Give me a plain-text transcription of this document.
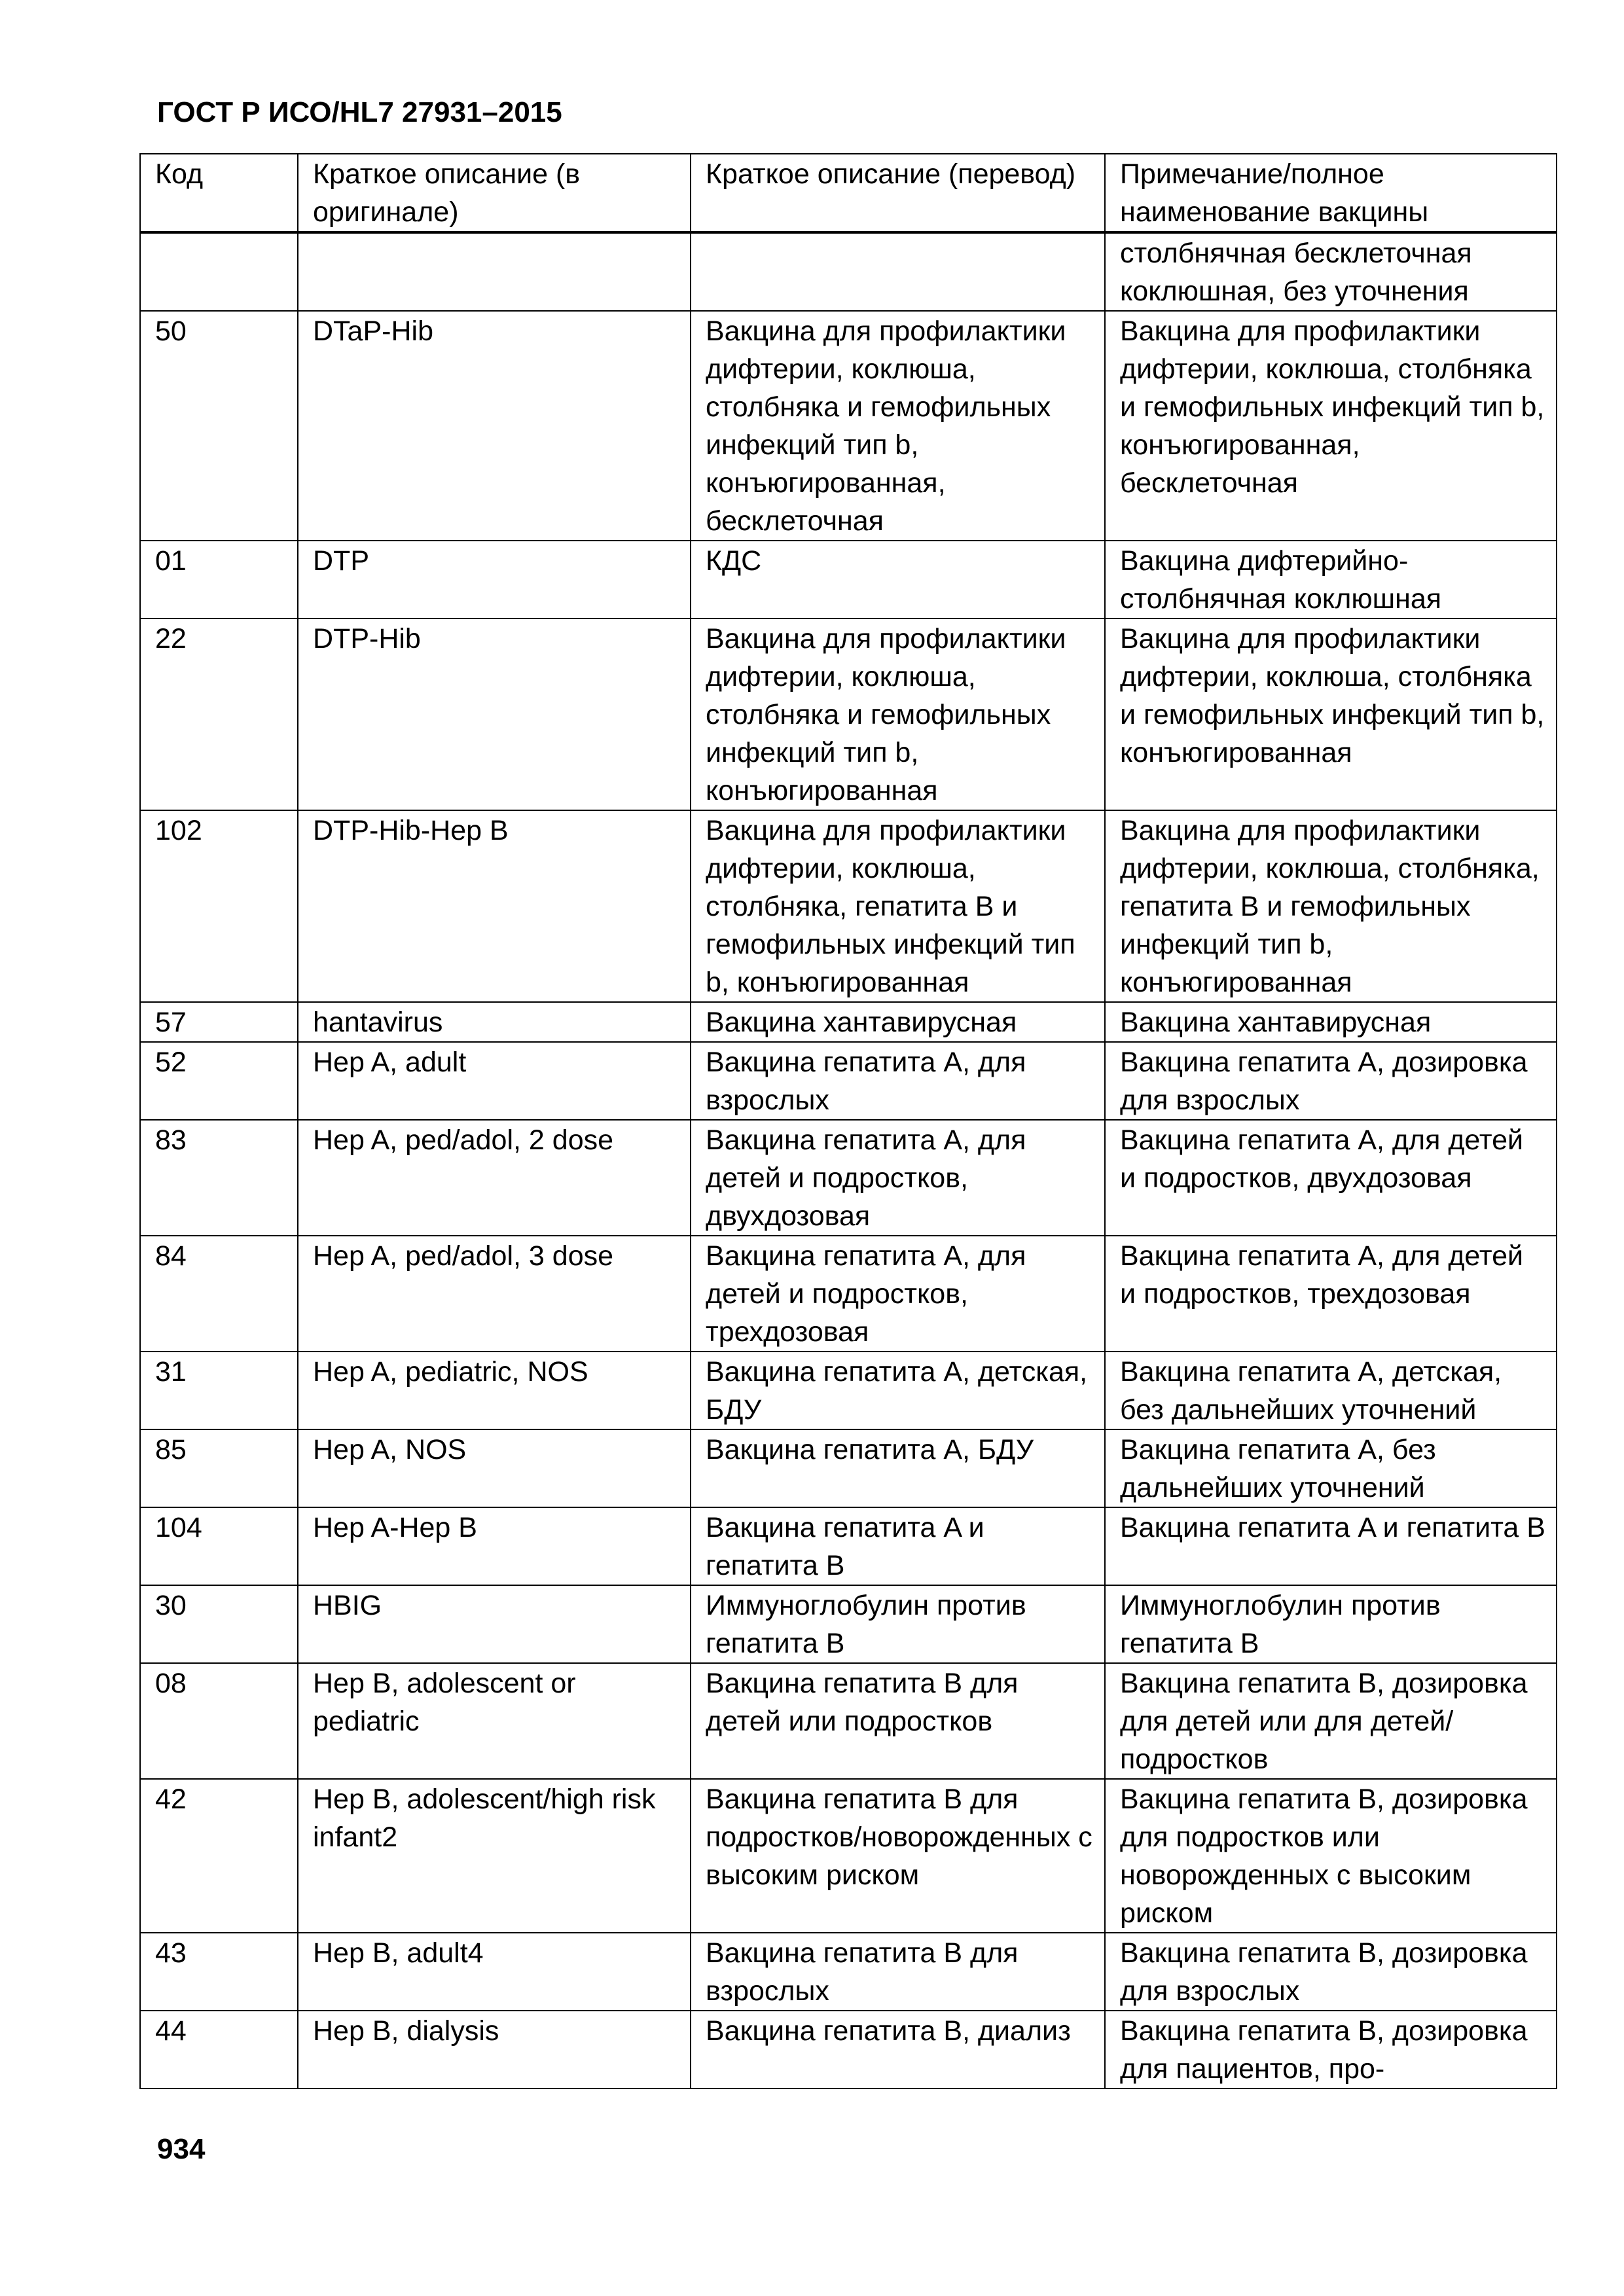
ГОСТ Р ИСО/HL7 27931–2015
Код	Краткое описание (в оригинале)	Краткое описание (перевод)	Примечание/полное наименование вакцины
			столбнячная бесклеточная коклюшная, без уточнения
50	DTaP-Hib	Вакцина для профилактики дифтерии, коклюша, столбняка и гемофильных инфекций тип b, конъюгированная, бесклеточная	Вакцина для профилактики дифтерии, коклюша, столбняка и гемофильных инфекций тип b, конъюгированная, бесклеточная
01	DTP	КДС	Вакцина дифтерийно-столбнячная коклюшная
22	DTP-Hib	Вакцина для профилактики дифтерии, коклюша, столбняка и гемофильных инфекций тип b, конъюгированная	Вакцина для профилактики дифтерии, коклюша, столбняка и гемофильных инфекций тип b, конъюгированная
102	DTP-Hib-Hep B	Вакцина для профилактики дифтерии, коклюша, столбняка, гепатита B и гемофильных инфекций тип b, конъюгированная	Вакцина для профилактики дифтерии, коклюша, столбняка, гепатита B и гемофильных инфекций тип b, конъюгированная
57	hantavirus	Вакцина хантавирусная	Вакцина хантавирусная
52	Hep A, adult	Вакцина гепатита A, для взрослых	Вакцина гепатита A, дозировка для взрослых
83	Hep A, ped/adol, 2 dose	Вакцина гепатита A, для детей и подростков, двухдозовая	Вакцина гепатита A, для детей и подростков, двухдозовая
84	Hep A, ped/adol, 3 dose	Вакцина гепатита A, для детей и подростков, трехдозовая	Вакцина гепатита A, для детей и подростков, трехдозовая
31	Hep A, pediatric, NOS	Вакцина гепатита A, детская, БДУ	Вакцина гепатита A, детская, без дальнейших уточнений
85	Hep A, NOS	Вакцина гепатита A, БДУ	Вакцина гепатита A, без дальнейших уточнений
104	Hep A-Hep B	Вакцина гепатита A и гепатита B	Вакцина гепатита A и гепатита B
30	HBIG	Иммуноглобулин против гепатита B	Иммуноглобулин против гепатита B
08	Hep B, adolescent or pediatric	Вакцина гепатита B для детей или подростков	Вакцина гепатита B, дозировка для детей или для детей/подростков
42	Hep B, adolescent/high risk infant2	Вакцина гепатита B для подростков/новорожденных с высоким риском	Вакцина гепатита B, дозировка для подростков или новорожденных с высоким риском
43	Hep B, adult4	Вакцина гепатита B для взрослых	Вакцина гепатита B, дозировка для взрослых
44	Hep B, dialysis	Вакцина гепатита B, диализ	Вакцина гепатита B, дозировка для пациентов, про-
934
